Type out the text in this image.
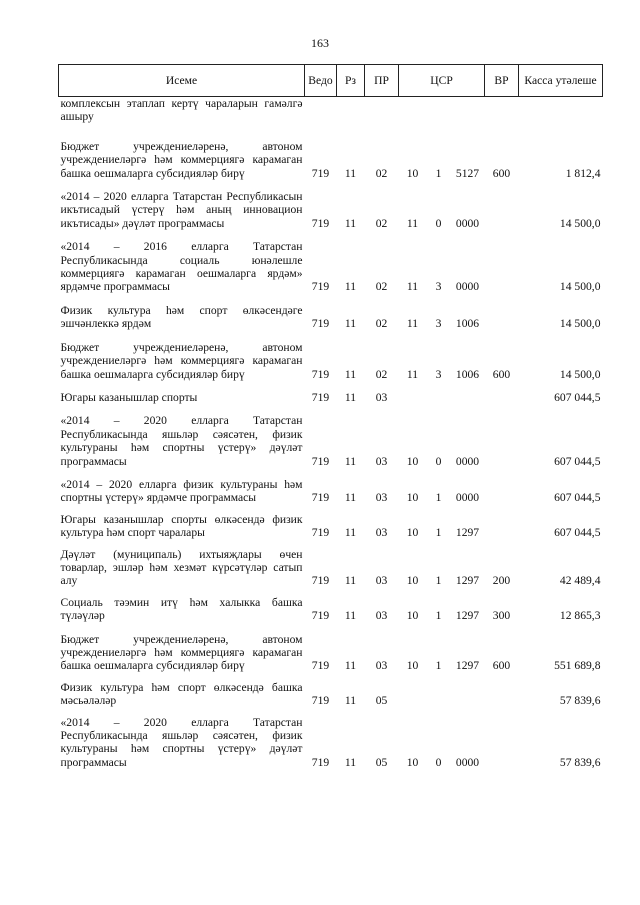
163
Исеме	Ведо	Рз	ПР	ЦСР			ВР	Касса утәлеше
комплексын этаплап кертү чараларын гамәлгә ашыру								
Бюджет учреждениеләренә, автоном учреждениеләргә һәм коммерциягә карамаган башка оешмаларга субсидияләр бирү	719	11	02	10	1	5127	600	1 812,4
«2014 – 2020 елларга Татарстан Республикасын икътисадый үстерү һәм аның инновацион икътисады» дәүләт программасы	719	11	02	11	0	0000		14 500,0
«2014 – 2016 елларга Татарстан Республикасында социаль юнәлешле коммерциягә карамаган оешмаларга ярдәм» ярдәмче программасы	719	11	02	11	3	0000		14 500,0
Физик культура һәм спорт өлкәсендәге эшчәнлеккә ярдәм	719	11	02	11	3	1006		14 500,0
Бюджет учреждениеләренә, автоном учреждениеләргә һәм коммерциягә карамаган башка оешмаларга субсидияләр бирү	719	11	02	11	3	1006	600	14 500,0
Югары казанышлар спорты	719	11	03					607 044,5
«2014 – 2020 елларга Татарстан Республикасында яшьләр сәясәтен, физик культураны һәм спортны үстерү» дәүләт программасы	719	11	03	10	0	0000		607 044,5
«2014 – 2020 елларга физик культураны һәм спортны үстерү» ярдәмче программасы	719	11	03	10	1	0000		607 044,5
Югары казанышлар спорты өлкәсендә физик культура һәм спорт чаралары	719	11	03	10	1	1297		607 044,5
Дәүләт (муниципаль) ихтыяҗлары өчен товарлар, эшләр һәм хезмәт күрсәтүләр сатып алу	719	11	03	10	1	1297	200	42 489,4
Социаль тәэмин итү һәм халыкка башка түләүләр	719	11	03	10	1	1297	300	12 865,3
Бюджет учреждениеләренә, автоном учреждениеләргә һәм коммерциягә карамаган башка оешмаларга субсидияләр бирү	719	11	03	10	1	1297	600	551 689,8
Физик культура һәм спорт өлкәсендә башка мәсьәләләр	719	11	05					57 839,6
«2014 – 2020 елларга Татарстан Республикасында яшьләр сәясәтен, физик культураны һәм спортны үстерү» дәүләт программасы	719	11	05	10	0	0000		57 839,6
